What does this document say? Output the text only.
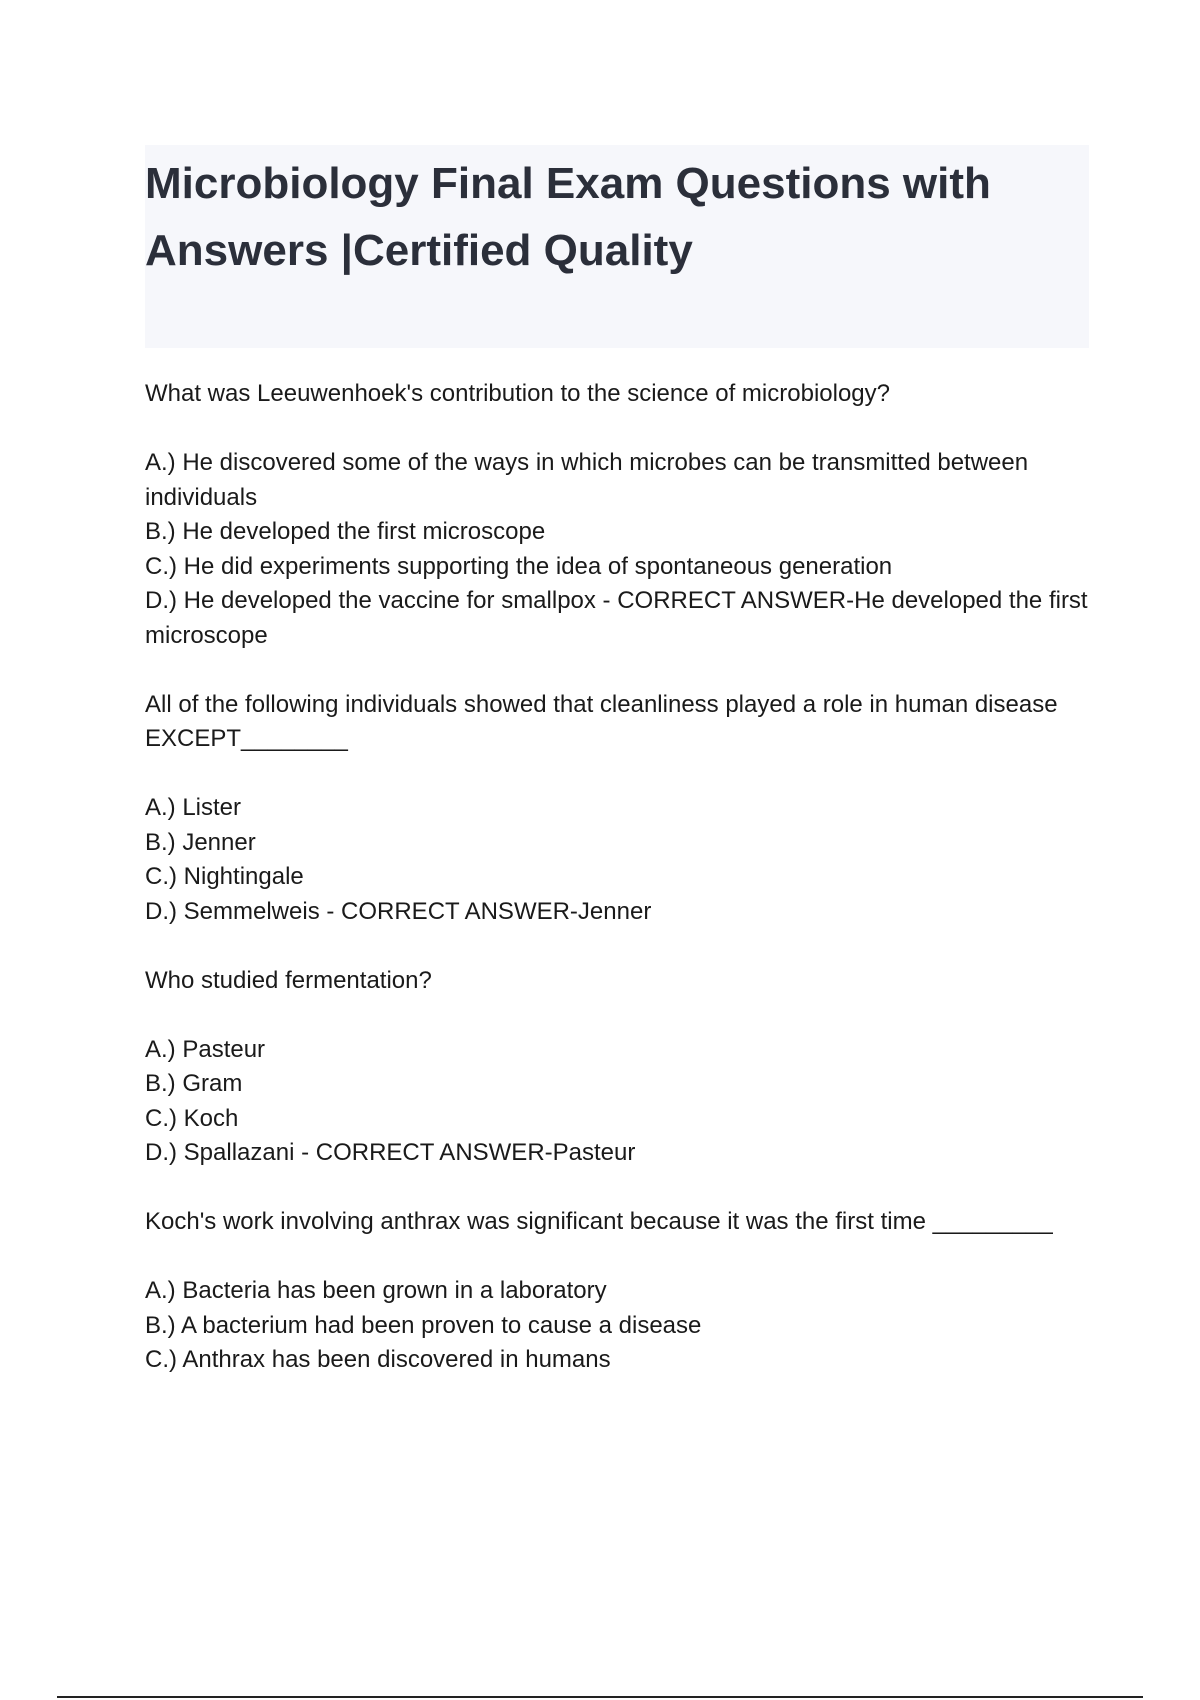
Microbiology Final Exam Questions with
Answers |Certified Quality

What was Leeuwenhoek's contribution to the science of microbiology?

A.) He discovered some of the ways in which microbes can be transmitted between individuals
B.) He developed the first microscope
C.) He did experiments supporting the idea of spontaneous generation
D.) He developed the vaccine for smallpox - CORRECT ANSWER-He developed the first microscope

All of the following individuals showed that cleanliness played a role in human disease EXCEPT________

A.) Lister
B.) Jenner
C.) Nightingale
D.) Semmelweis - CORRECT ANSWER-Jenner

Who studied fermentation?

A.) Pasteur
B.) Gram
C.) Koch
D.) Spallazani - CORRECT ANSWER-Pasteur

Koch's work involving anthrax was significant because it was the first time _________

A.) Bacteria has been grown in a laboratory
B.) A bacterium had been proven to cause a disease
C.) Anthrax has been discovered in humans
